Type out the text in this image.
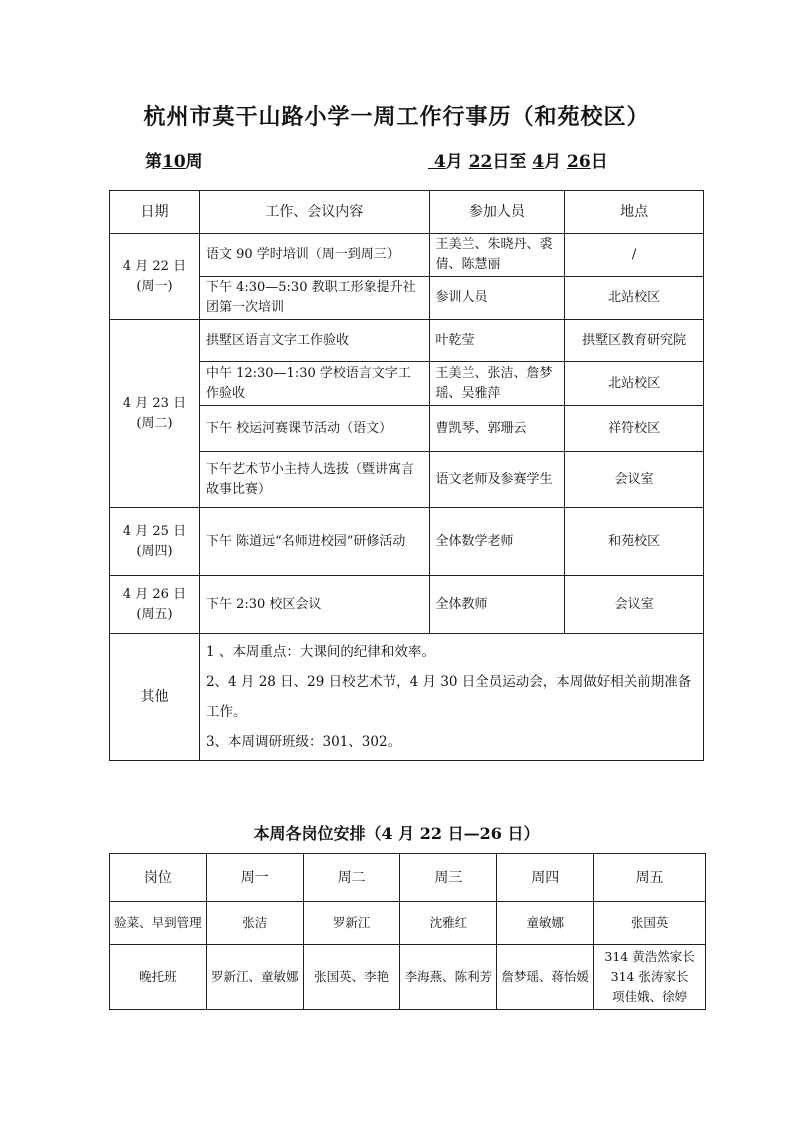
杭州市莫干山路小学一周工作行事历（和苑校区）
第10周	4月 22日至 4月 26日
日期	工作、会议内容	参加人员	地点

4 月 22 日
(周一)	语文 90 学时培训（周一到周三）	王美兰、朱晓丹、裘倩、陈慧丽	/
	下午 4:30—5:30 教职工形象提升社团第一次培训	参训人员	北站校区

4 月 23 日
(周二)	拱墅区语言文字工作验收	叶乾莹	拱墅区教育研究院
	中午 12:30—1:30 学校语言文字工作验收	王美兰、张洁、詹梦瑶、吴雅萍	北站校区
	下午 校运河赛课节活动（语文）	曹凯琴、郭珊云	祥符校区
	下午艺术节小主持人选拔（暨讲寓言故事比赛）	语文老师及参赛学生	会议室

4 月 25 日
(周四)	下午 陈道远“名师进校园”研修活动	全体数学老师	和苑校区

4 月 26 日
(周五)	下午 2:30 校区会议	全体教师	会议室
其他	1 、本周重点：大课间的纪律和效率。

2、4 月 28 日、29 日校艺术节，4 月 30 日全员运动会，本周做好相关前期准备工作。

3、本周调研班级：301、302。		

本周各岗位安排（4 月 22 日—26 日）
岗位	周一	周二	周三	周四	周五
验菜、早到管理	张洁	罗新江	沈雅红	童敏娜	张国英
晚托班	罗新江、童敏娜	张国英、李艳	李海燕、陈利芳	詹梦瑶、蒋怡媛	314 黄浩然家长
314 张涛家长
项佳娥、徐婷
